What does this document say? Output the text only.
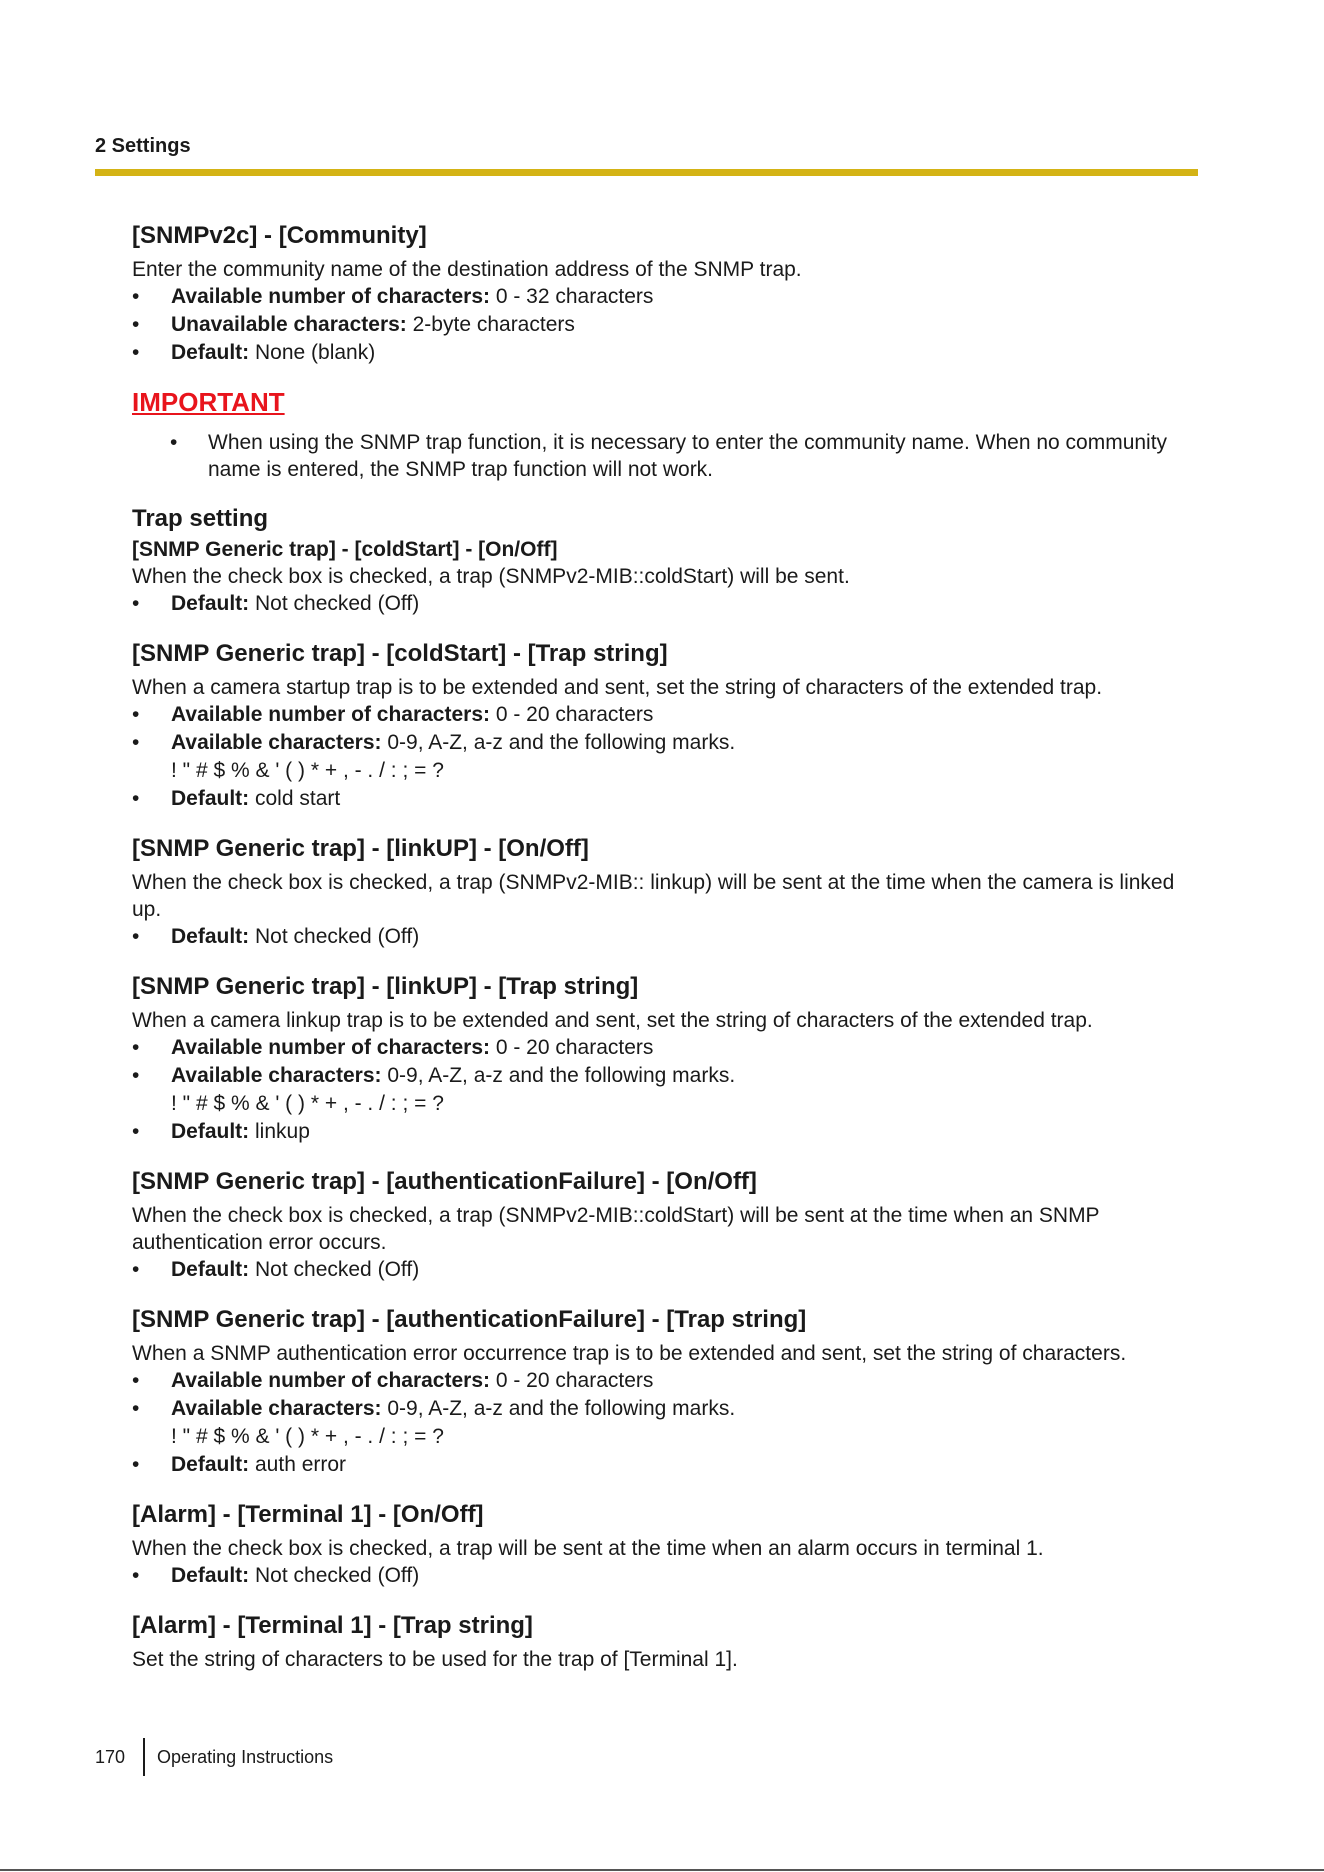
2 Settings
[SNMPv2c] - [Community]
Enter the community name of the destination address of the SNMP trap.
• Available number of characters: 0 - 32 characters
• Unavailable characters: 2-byte characters
• Default: None (blank)
IMPORTANT
• When using the SNMP trap function, it is necessary to enter the community name. When no community name is entered, the SNMP trap function will not work.
Trap setting
[SNMP Generic trap] - [coldStart] - [On/Off]
When the check box is checked, a trap (SNMPv2-MIB::coldStart) will be sent.
• Default: Not checked (Off)
[SNMP Generic trap] - [coldStart] - [Trap string]
When a camera startup trap is to be extended and sent, set the string of characters of the extended trap.
• Available number of characters: 0 - 20 characters
• Available characters: 0-9, A-Z, a-z and the following marks.
! " # $ % & ' ( ) * + , - . / : ; = ?
• Default: cold start
[SNMP Generic trap] - [linkUP] - [On/Off]
When the check box is checked, a trap (SNMPv2-MIB:: linkup) will be sent at the time when the camera is linked up.
• Default: Not checked (Off)
[SNMP Generic trap] - [linkUP] - [Trap string]
When a camera linkup trap is to be extended and sent, set the string of characters of the extended trap.
• Available number of characters: 0 - 20 characters
• Available characters: 0-9, A-Z, a-z and the following marks.
! " # $ % & ' ( ) * + , - . / : ; = ?
• Default: linkup
[SNMP Generic trap] - [authenticationFailure] - [On/Off]
When the check box is checked, a trap (SNMPv2-MIB::coldStart) will be sent at the time when an SNMP authentication error occurs.
• Default: Not checked (Off)
[SNMP Generic trap] - [authenticationFailure] - [Trap string]
When a SNMP authentication error occurrence trap is to be extended and sent, set the string of characters.
• Available number of characters: 0 - 20 characters
• Available characters: 0-9, A-Z, a-z and the following marks.
! " # $ % & ' ( ) * + , - . / : ; = ?
• Default: auth error
[Alarm] - [Terminal 1] - [On/Off]
When the check box is checked, a trap will be sent at the time when an alarm occurs in terminal 1.
• Default: Not checked (Off)
[Alarm] - [Terminal 1] - [Trap string]
Set the string of characters to be used for the trap of [Terminal 1].
170	Operating Instructions
